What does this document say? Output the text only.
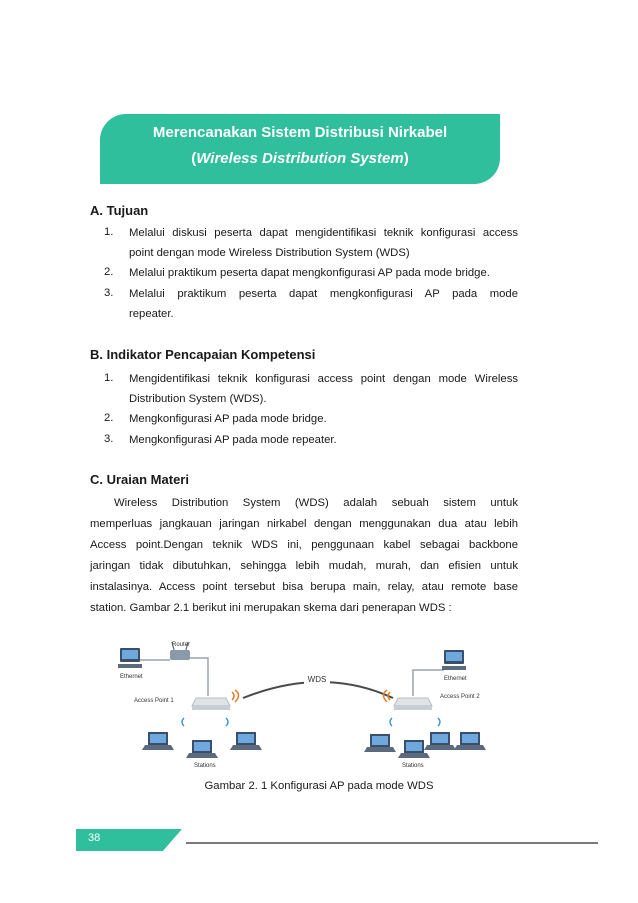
Merencanakan Sistem Distribusi Nirkabel
(Wireless Distribution System)
A. Tujuan
1. Melalui diskusi peserta dapat mengidentifikasi teknik konfigurasi access
point dengan mode Wireless Distribution System (WDS)
2. Melalui praktikum peserta dapat mengkonfigurasi AP pada mode bridge.
3. Melalui praktikum peserta dapat mengkonfigurasi AP pada mode
repeater.
B. Indikator Pencapaian Kompetensi
1. Mengidentifikasi teknik konfigurasi access point dengan mode Wireless
Distribution System (WDS).
2. Mengkonfigurasi AP pada mode bridge.
3. Mengkonfigurasi AP pada mode repeater.
C. Uraian Materi
Wireless Distribution System (WDS) adalah sebuah sistem untuk
memperluas jangkauan jaringan nirkabel dengan menggunakan dua atau lebih
Access point.Dengan teknik WDS ini, penggunaan kabel sebagai backbone
jaringan tidak dibutuhkan, sehingga lebih mudah, murah, dan efisien untuk
instalasinya. Access point tersebut bisa berupa main, relay, atau remote base
station. Gambar 2.1 berikut ini merupakan skema dari penerapan WDS :
WDS
Ethernet
Router
Access Point 1
Access Point 2
Ethernet
Stations	Stations
Gambar 2. 1 Konfigurasi AP pada mode WDS
38
